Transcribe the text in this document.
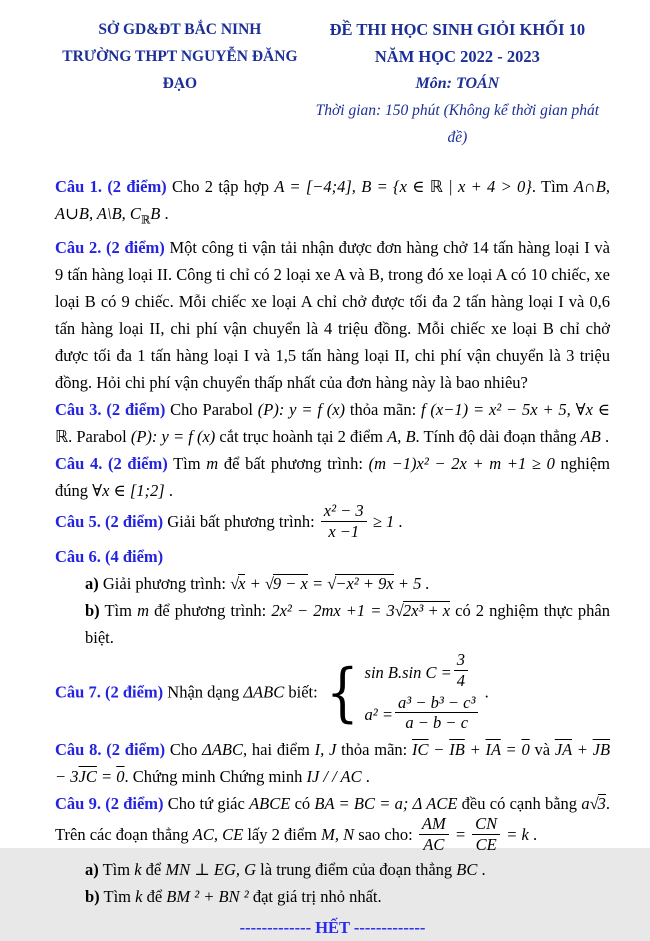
SỞ GD&ĐT BẮC NINH
TRƯỜNG THPT NGUYỄN ĐĂNG ĐẠO
ĐỀ THI HỌC SINH GIỎI KHỐI 10
NĂM HỌC 2022 - 2023
Môn: TOÁN
Thời gian: 150 phút (Không kể thời gian phát đề)

Câu 1. (2 điểm) Cho 2 tập hợp A = [−4;4], B = {x ∈ ℝ | x + 4 > 0}. Tìm A∩B, A∪B, A\B, $C_ℝB$ .

Câu 2. (2 điểm) Một công ti vận tải nhận được đơn hàng chở 14 tấn hàng loại I và 9 tấn hàng loại II. Công ti chỉ có 2 loại xe A và B, trong đó xe loại A có 10 chiếc, xe loại B có 9 chiếc. Mỗi chiếc xe loại A chỉ chở được tối đa 2 tấn hàng loại I và 0,6 tấn hàng loại II, chi phí vận chuyển là 4 triệu đồng. Mỗi chiếc xe loại B chỉ chở được tối đa 1 tấn hàng loại I và 1,5 tấn hàng loại II, chi phí vận chuyển là 3 triệu đồng. Hỏi chi phí vận chuyển thấp nhất của đơn hàng này là bao nhiêu?

Câu 3. (2 điểm) Cho Parabol (P): y = f (x) thỏa mãn: f (x−1) = x² − 5x + 5, ∀x ∈ ℝ. Parabol (P): y = f (x) cắt trục hoành tại 2 điểm A, B. Tính độ dài đoạn thẳng AB .

Câu 4. (2 điểm) Tìm m để bất phương trình: (m −1)x² − 2x + m +1 ≥ 0 nghiệm đúng ∀x ∈ [1;2] .

Câu 5. (2 điểm) Giải bất phương trình: $\frac{\text{x² − 3}}{x -1} \ge 1$ .

Câu 6. (4 điểm)

a) Giải phương trình: √x + √9 − x = √−x² + 9x + 5 .

b) Tìm m để phương trình: 2x² − 2mx +1 = 3√2x³ + x có 2 nghiệm thực phân biệt.

Câu 7. (2 điểm) Nhận dạng ΔABC biết: { sin B.sin $C = \frac{3}{4}$
$a^2 = \frac{\text{a³ − b³ − c³}}{a - b - c}$
.

Câu 8. (2 điểm) Cho ΔABC, hai điểm I, J thỏa mãn: $\overline{IC} - \overline{IB} + \overline{IA} = 0$ và $\overline{JA} + \overline{JB} - 3\overline{JC} = 0$. Chứng minh Chứng minh IJ / / AC .

Câu 9. (2 điểm) Cho tứ giác ABCE có BA = BC = a; Δ ACE đều có cạnh bằng a√3. Trên các đoạn thẳng AC, CE lấy 2 điểm M, N sao cho: $\frac{AM}{AC} = \frac{CN}{CE} = k$ .

a) Tìm k để MN ⊥ EG, G là trung điểm của đoạn thẳng BC .

b) Tìm k để BM ² + BN ² đạt giá trị nhỏ nhất.

------------- HẾT -------------
